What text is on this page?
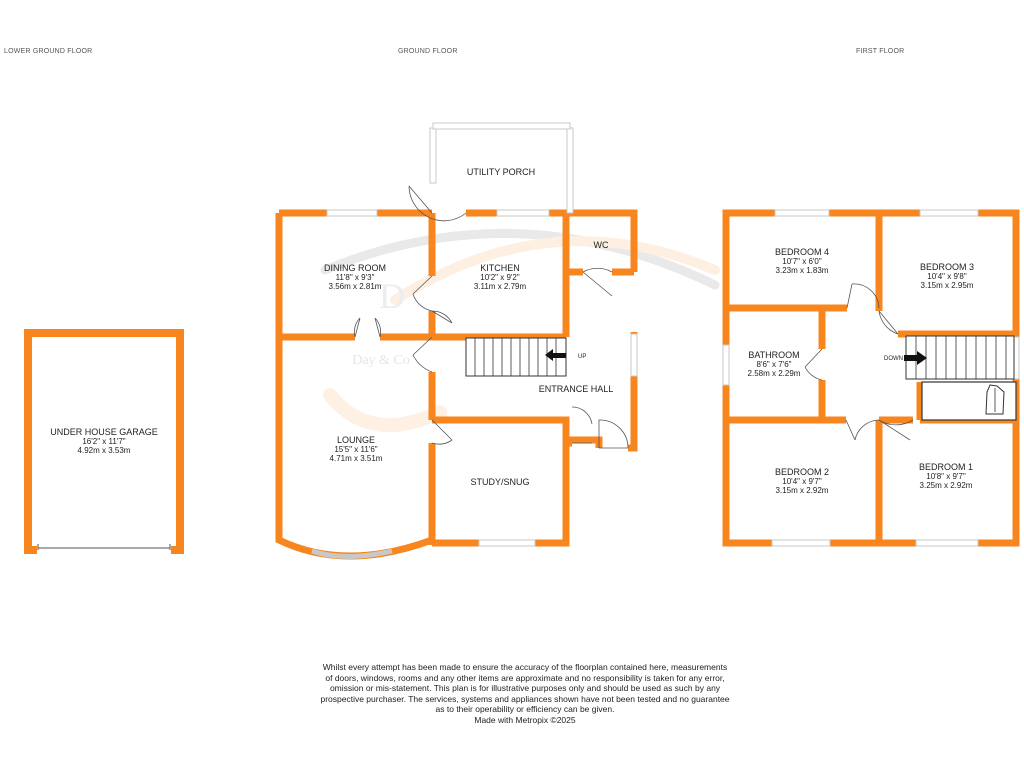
LOWER GROUND FLOOR	GROUND FLOOR	FIRST FLOOR
D
Day & Co	UP	DOWN
UNDER HOUSE GARAGE
16'2" x 11'7"
4.92m x 3.53m
DINING ROOM
11'8" x 9'3"
3.56m x 2.81m
KITCHEN
10'2" x 9'2"
3.11m x 2.79m
UTILITY PORCH
WC
ENTRANCE HALL
LOUNGE
15'5" x 11'6"
4.71m x 3.51m
STUDY/SNUG
BEDROOM 4
10'7" x 6'0"
3.23m x 1.83m	BEDROOM 3
10'4" x 9'8"
3.15m x 2.95m
BATHROOM
8'6" x 7'6"
2.58m x 2.29m
BEDROOM 2
10'4" x 9'7"
3.15m x 2.92m
BEDROOM 1
10'8" x 9'7"
3.25m x 2.92m
Whilst every attempt has been made to ensure the accuracy of the floorplan contained here, measurements
of doors, windows, rooms and any other items are approximate and no responsibility is taken for any error,
omission or mis-statement. This plan is for illustrative purposes only and should be used as such by any
prospective purchaser. The services, systems and appliances shown have not been tested and no guarantee
as to their operability or efficiency can be given.
Made with Metropix ©2025
